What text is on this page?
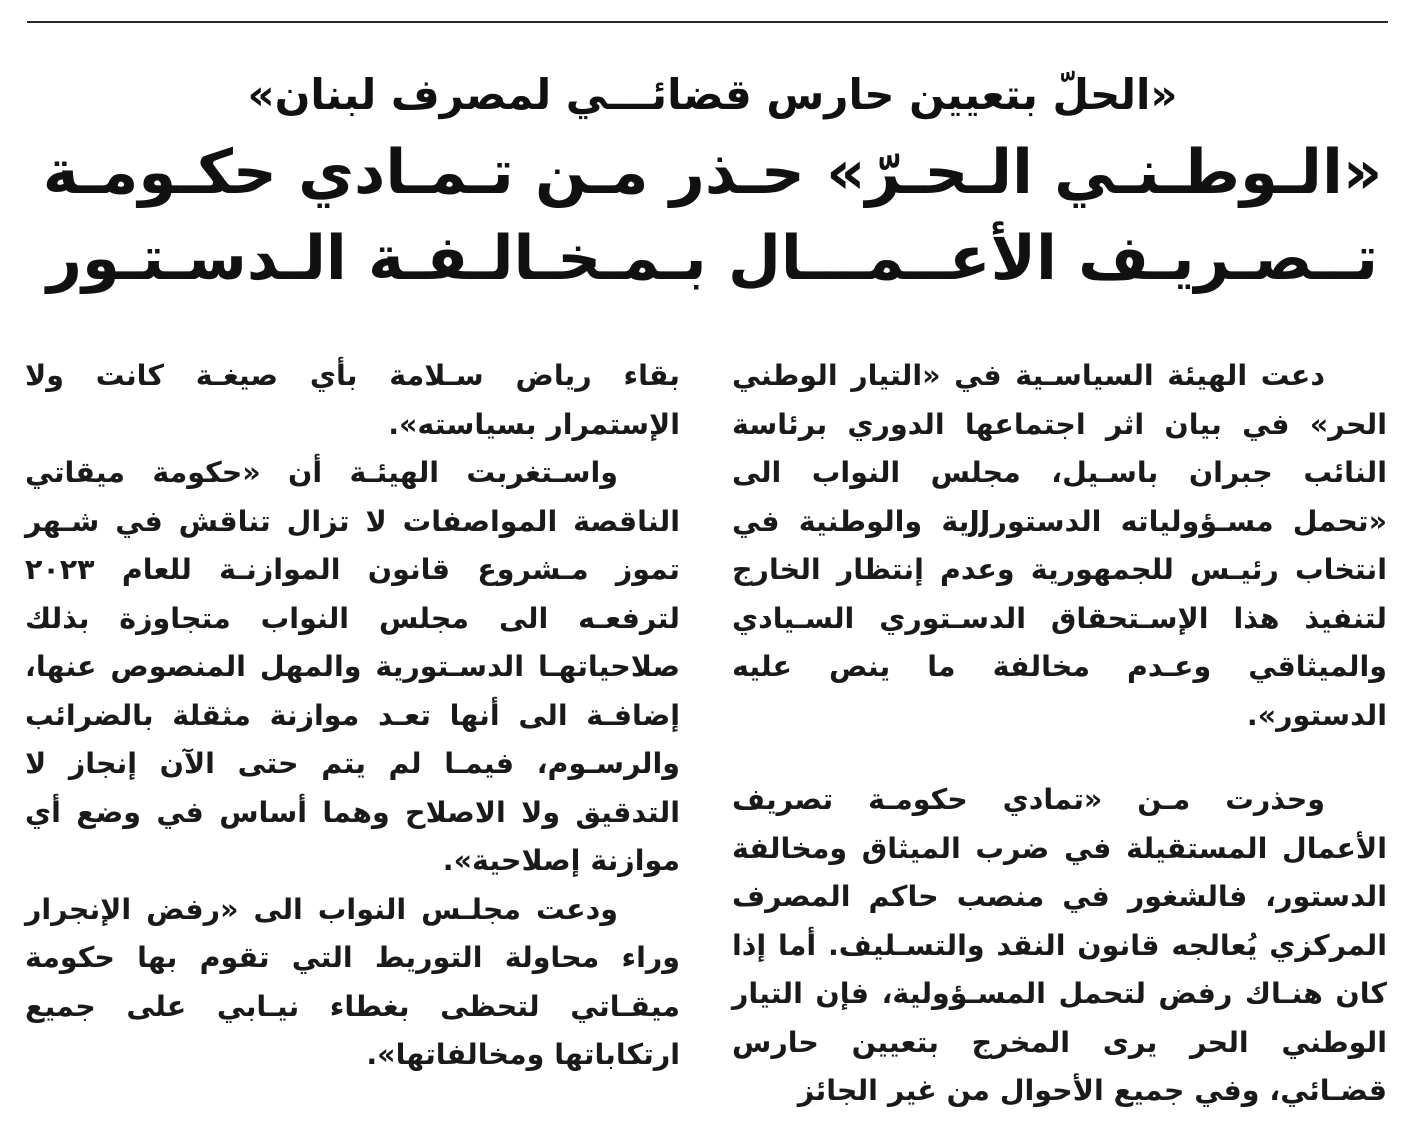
«الحلّ بتعيين حارس قضائـــي لمصرف لبنان»
«الـوطـنـي الـحـرّ» حـذر مـن تـمـادي حكـومـة
تــصـريـف الأعــمـــال بـمـخـالـفـة الـدسـتـور

دعت الهيئة السياسـية في «التيار الوطني الحر» في بيان اثر اجتماعها الدوري برئاسة النائب جبران باسـيل، مجلس النواب الى «تحمل مسـؤولياته الدستورJJية والوطنية في انتخاب رئيـس للجمهورية وعدم إنتظار الخارج لتنفيذ هذا الإسـتحقاق الدسـتوري السـيادي والميثاقي وعـدم مخالفة ما ينص عليه الدستور».

وحذرت مـن «تمادي حكومـة تصريف الأعمال المستقيلة في ضرب الميثاق ومخالفة الدستور، فالشغور في منصب حاكم المصرف المركزي يُعالجه قانون النقد والتسـليف. أما إذا كان هنـاك رفض لتحمل المسـؤولية، فإن التيار الوطني الحر يرى المخرج بتعيين حارس قضـائي، وفي جميع الأحوال من غير الجائز

بقاء رياض سـلامة بأي صيغـة كانت ولا الإستمرار بسياسته».

واسـتغربت الهيئـة أن «حكومة ميقاتي الناقصة المواصفات لا تزال تناقش في شـهر تموز مـشروع قانون الموازنـة للعام ٢٠٢٣ لترفعـه الى مجلس النواب متجاوزة بذلك صلاحياتهـا الدسـتورية والمهل المنصوص عنها، إضافـة الى أنها تعـد موازنة مثقلة بالضرائب والرسـوم، فيمـا لم يتم حتى الآن إنجاز لا التدقيق ولا الاصلاح وهما أساس في وضع أي موازنة إصلاحية».

ودعت مجلـس النواب الى «رفض الإنجرار وراء محاولة التوريط التي تقوم بها حكومة ميقـاتي لتحظى بغطاء نيـابي على جميع ارتكاباتها ومخالفاتها».
